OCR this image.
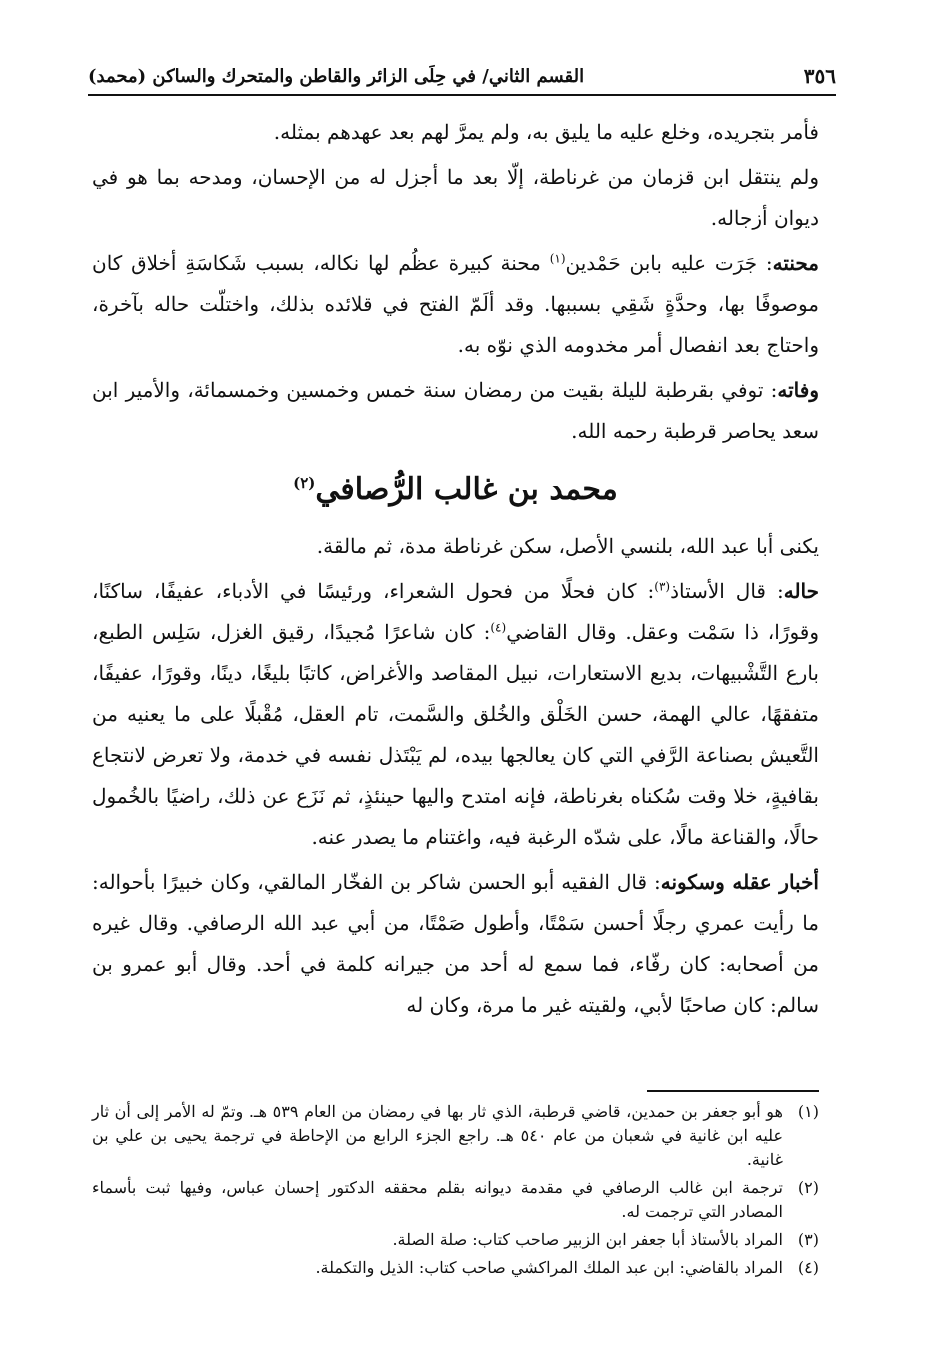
٣٥٦
القسم الثاني/ في حِلَى الزائر والقاطن والمتحرك والساكن (محمد)

فأمر بتجريده، وخلع عليه ما يليق به، ولم يمرَّ لهم بعد عهدهم بمثله.

ولم ينتقل ابن قزمان من غرناطة، إلّا بعد ما أجزل له من الإحسان، ومدحه بما هو في ديوان أزجاله.

محنته: جَرَت عليه بابن حَمْدين$^{(١)}$ محنة كبيرة عظُم لها نكاله، بسبب شَكاسَةِ أخلاق كان موصوفًا بها، وحدَّةٍ شَقِي بسببها. وقد ألَمّ الفتح في قلائده بذلك، واختلّت حاله بآخرة، واحتاج بعد انفصال أمر مخدومه الذي نوّه به.

وفاته: توفي بقرطبة لليلة بقيت من رمضان سنة خمس وخمسين وخمسمائة، والأمير ابن سعد يحاصر قرطبة رحمه الله.

محمد بن غالب الرُّصافي$^{(٢)}$

يكنى أبا عبد الله، بلنسي الأصل، سكن غرناطة مدة، ثم مالقة.

حاله: قال الأستاذ$^{(٣)}$: كان فحلًا من فحول الشعراء، ورئيسًا في الأدباء، عفيفًا، ساكنًا، وقورًا، ذا سَمْت وعقل. وقال القاضي$^{(٤)}$: كان شاعرًا مُجيدًا، رقيق الغزل، سَلِس الطبع، بارع التَّشْبيهات، بديع الاستعارات، نبيل المقاصد والأغراض، كاتبًا بليغًا، دينًا، وقورًا، عفيفًا، متفقهًا، عالي الهمة، حسن الخَلْق والخُلق والسَّمت، تام العقل، مُقْبلًا على ما يعنيه من التَّعيش بصناعة الرَّفي التي كان يعالجها بيده، لم يَبْتَذل نفسه في خدمة، ولا تعرض لانتجاع بقافيةٍ، خلا وقت سُكناه بغرناطة، فإنه امتدح واليها حينئذٍ، ثم نَزَع عن ذلك، راضيًا بالخُمول حالًا، والقناعة مالًا، على شدّه الرغبة فيه، واغتنام ما يصدر عنه.

أخبار عقله وسكونه: قال الفقيه أبو الحسن شاكر بن الفخّار المالقي، وكان خبيرًا بأحواله: ما رأيت عمري رجلًا أحسن سَمْتًا، وأطول صَمْتًا، من أبي عبد الله الرصافي. وقال غيره من أصحابه: كان رفّاء، فما سمع له أحد من جيرانه كلمة في أحد. وقال أبو عمرو بن سالم: كان صاحبًا لأبي، ولقيته غير ما مرة، وكان له

(١)
هو أبو جعفر بن حمدين، قاضي قرطبة، الذي ثار بها في رمضان من العام ٥٣٩ هـ. وتمّ له الأمر إلى أن ثار عليه ابن غانية في شعبان من عام ٥٤٠ هـ. راجع الجزء الرابع من الإحاطة في ترجمة يحيى بن علي بن غانية.
(٢)
ترجمة ابن غالب الرصافي في مقدمة ديوانه بقلم محققه الدكتور إحسان عباس، وفيها ثبت بأسماء المصادر التي ترجمت له.
(٣)
المراد بالأستاذ أبا جعفر ابن الزبير صاحب كتاب: صلة الصلة.
(٤)
المراد بالقاضي: ابن عبد الملك المراكشي صاحب كتاب: الذيل والتكملة.
